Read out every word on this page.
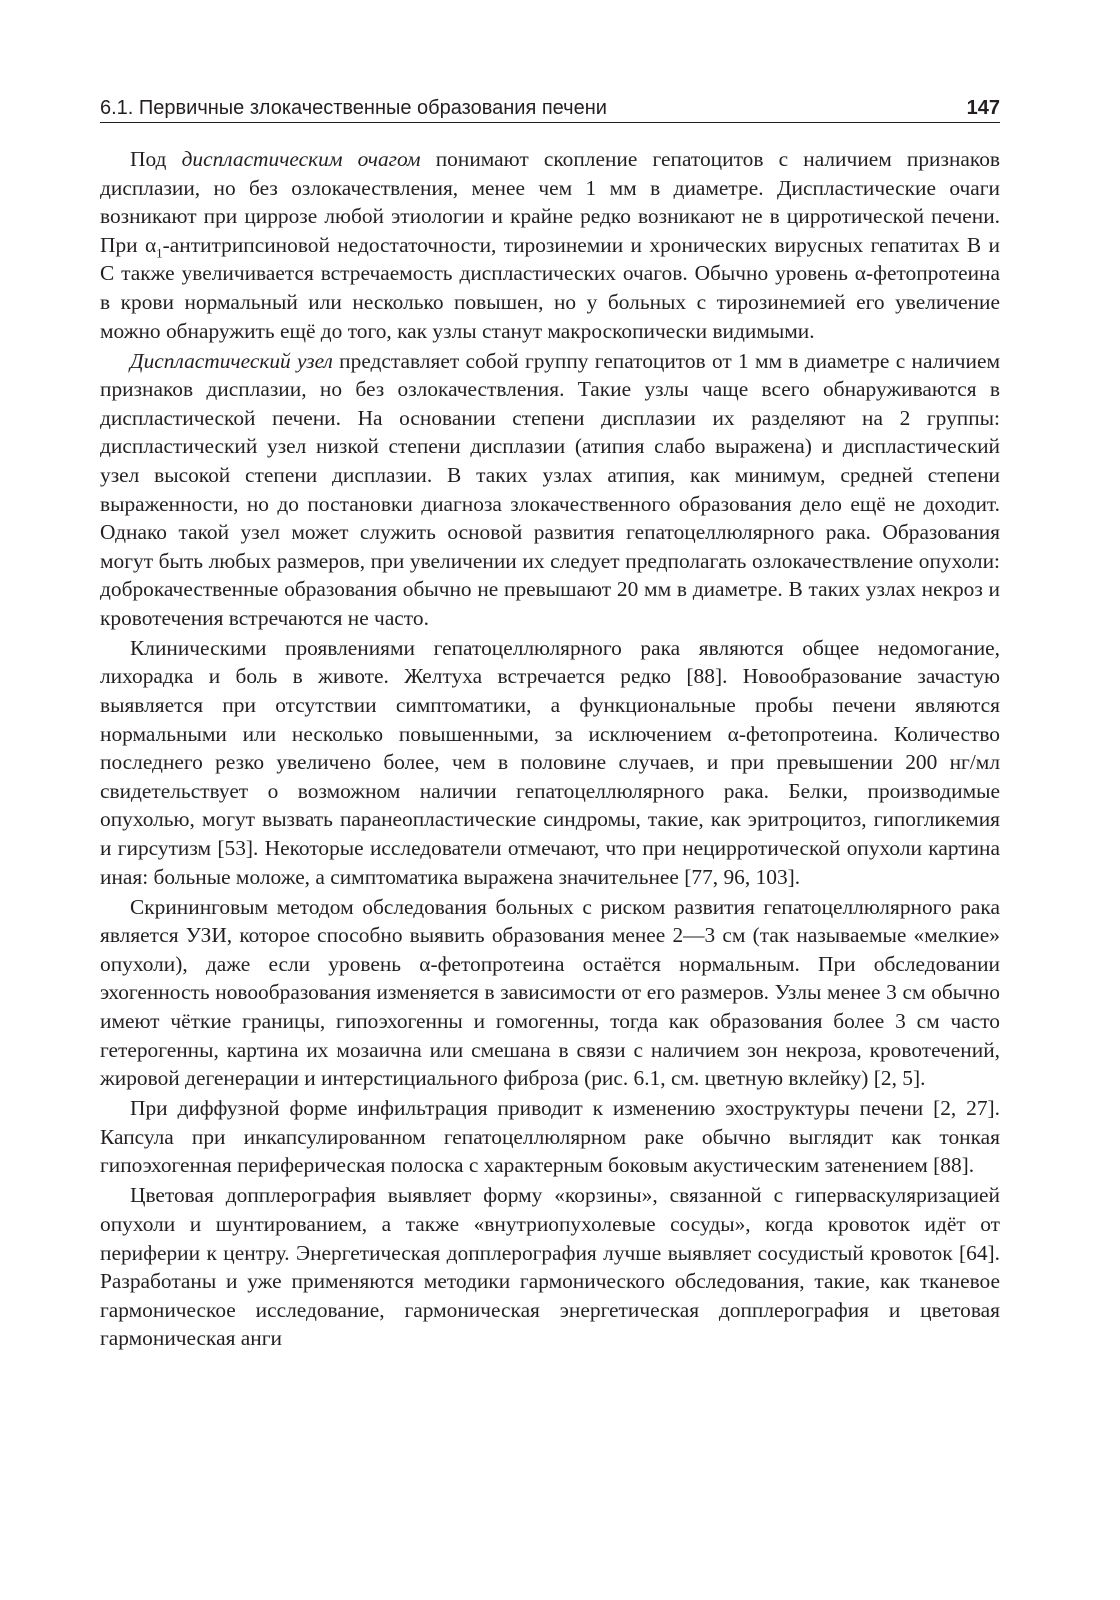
6.1. Первичные злокачественные образования печени	147

Под диспластическим очагом понимают скопление гепатоцитов с наличием признаков дисплазии, но без озлокачествления, менее чем 1 мм в диаметре. Диспластические очаги возникают при циррозе любой этиологии и крайне редко возникают не в цирротической печени. При $\alpha_1$-антитрипсиновой недостаточности, тирозинемии и хронических вирусных гепатитах B и C также увеличивается встречаемость диспластических очагов. Обычно уровень α-фетопротеина в крови нормальный или несколько повышен, но у больных с тирозинемией его увеличение можно обнаружить ещё до того, как узлы станут макроскопически видимыми.

Диспластический узел представляет собой группу гепатоцитов от 1 мм в диаметре с наличием признаков дисплазии, но без озлокачествления. Такие узлы чаще всего обнаруживаются в диспластической печени. На основании степени дисплазии их разделяют на 2 группы: диспластический узел низкой степени дисплазии (атипия слабо выражена) и диспластический узел высокой степени дисплазии. В таких узлах атипия, как минимум, средней степени выраженности, но до постановки диагноза злокачественного образования дело ещё не доходит. Однако такой узел может служить основой развития гепатоцеллюлярного рака. Образования могут быть любых размеров, при увеличении их следует предполагать озлокачествление опухоли: доброкачественные образования обычно не превышают 20 мм в диаметре. В таких узлах некроз и кровотечения встречаются не часто.

Клиническими проявлениями гепатоцеллюлярного рака являются общее недомогание, лихорадка и боль в животе. Желтуха встречается редко [88]. Новообразование зачастую выявляется при отсутствии симптоматики, а функциональные пробы печени являются нормальными или несколько повышенными, за исключением α-фетопротеина. Количество последнего резко увеличено более, чем в половине случаев, и при превышении 200 нг/мл свидетельствует о возможном наличии гепатоцеллюлярного рака. Белки, производимые опухолью, могут вызвать паранеопластические синдромы, такие, как эритроцитоз, гипогликемия и гирсутизм [53]. Некоторые исследователи отмечают, что при нецирротической опухоли картина иная: больные моложе, а симптоматика выражена значительнее [77, 96, 103].

Скрининговым методом обследования больных с риском развития гепатоцеллюлярного рака является УЗИ, которое способно выявить образования менее 2—3 см (так называемые «мелкие» опухоли), даже если уровень α-фетопротеина остаётся нормальным. При обследовании эхогенность новообразования изменяется в зависимости от его размеров. Узлы менее 3 см обычно имеют чёткие границы, гипоэхогенны и гомогенны, тогда как образования более 3 см часто гетерогенны, картина их мозаична или смешана в связи с наличием зон некроза, кровотечений, жировой дегенерации и интерстициального фиброза (рис. 6.1, см. цветную вклейку) [2, 5].

При диффузной форме инфильтрация приводит к изменению эхоструктуры печени [2, 27]. Капсула при инкапсулированном гепатоцеллюлярном раке обычно выглядит как тонкая гипоэхогенная периферическая полоска с характерным боковым акустическим затенением [88].

Цветовая допплерография выявляет форму «корзины», связанной с гиперваскуляризацией опухоли и шунтированием, а также «внутриопухолевые сосуды», когда кровоток идёт от периферии к центру. Энергетическая допплерография лучше выявляет сосудистый кровоток [64]. Разработаны и уже применяются методики гармонического обследования, такие, как тканевое гармоническое исследование, гармоническая энергетическая допплерография и цветовая гармоническая анги
